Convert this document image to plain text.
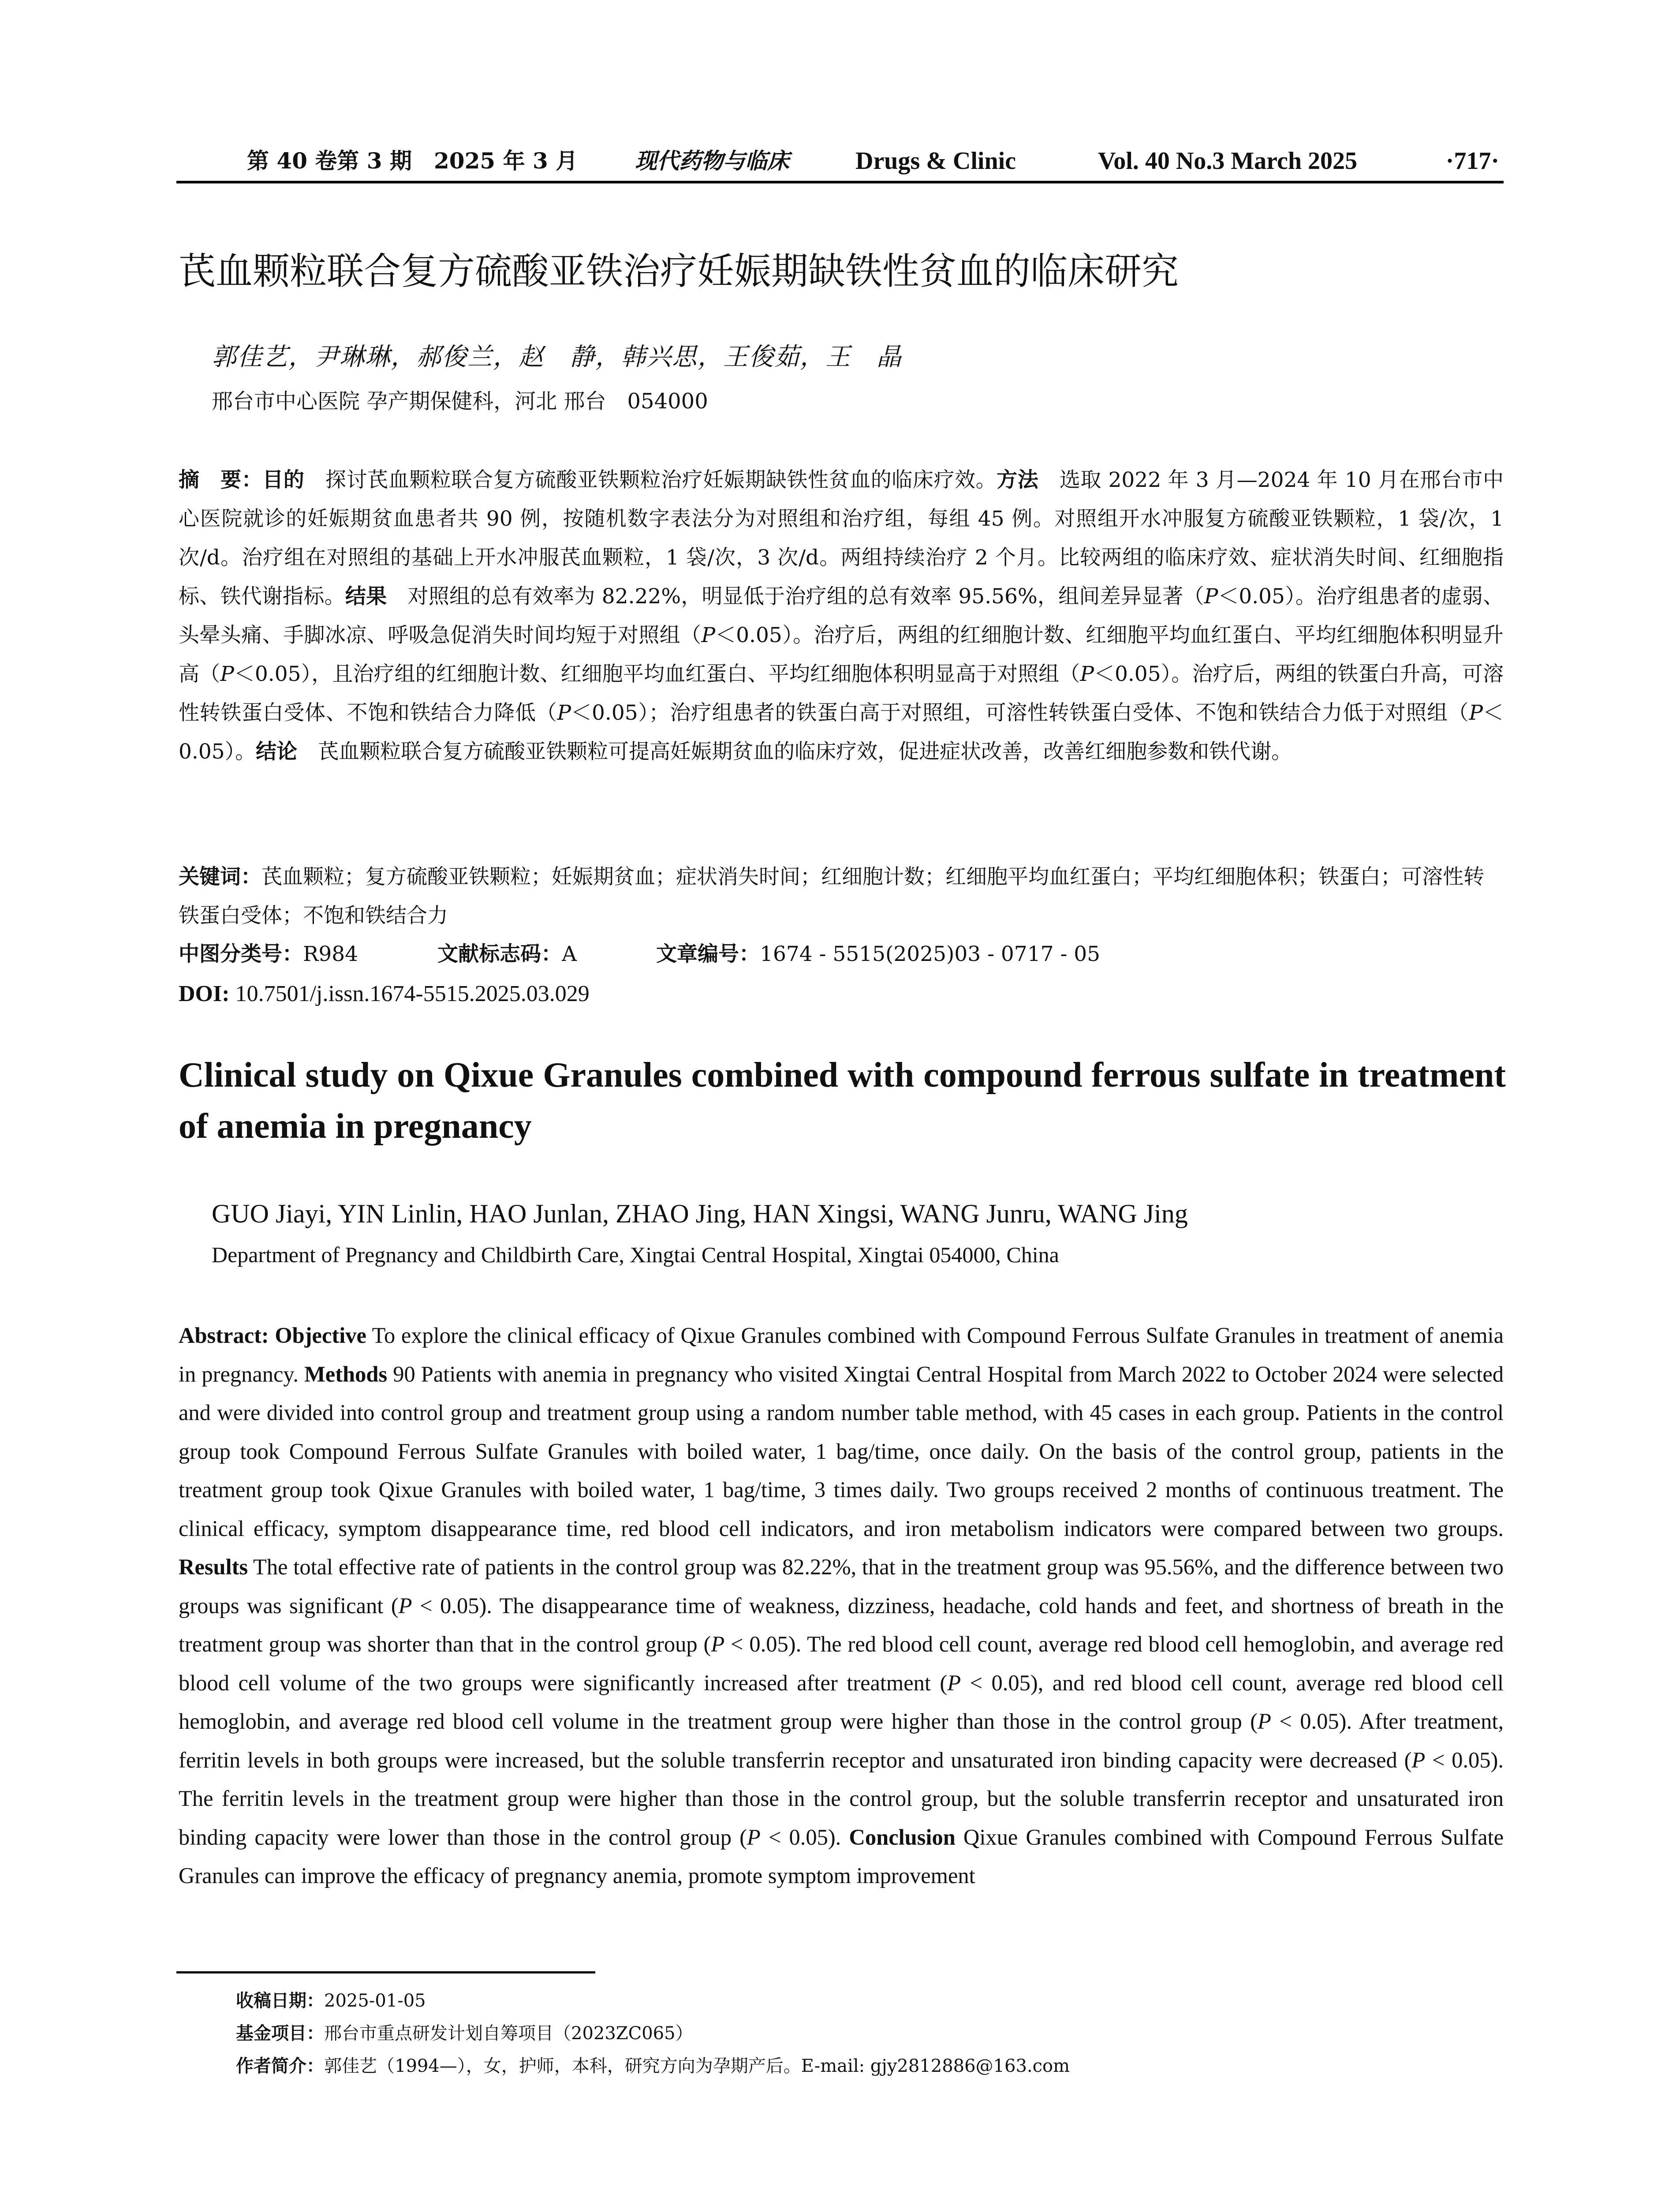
第 40 卷第 3 期　2025 年 3 月	现代药物与临床	Drugs & Clinic	Vol. 40 No.3 March 2025	·717·
芪血颗粒联合复方硫酸亚铁治疗妊娠期缺铁性贫血的临床研究
郭佳艺，尹琳琳，郝俊兰，赵　静，韩兴思，王俊茹，王　晶
邢台市中心医院 孕产期保健科，河北 邢台　054000
摘　要：目的　探讨芪血颗粒联合复方硫酸亚铁颗粒治疗妊娠期缺铁性贫血的临床疗效。方法　选取 2022 年 3 月—2024 年 10 月在邢台市中心医院就诊的妊娠期贫血患者共 90 例，按随机数字表法分为对照组和治疗组，每组 45 例。对照组开水冲服复方硫酸亚铁颗粒，1 袋/次，1 次/d。治疗组在对照组的基础上开水冲服芪血颗粒，1 袋/次，3 次/d。两组持续治疗 2 个月。比较两组的临床疗效、症状消失时间、红细胞指标、铁代谢指标。结果　对照组的总有效率为 82.22%，明显低于治疗组的总有效率 95.56%，组间差异显著（P＜0.05）。治疗组患者的虚弱、头晕头痛、手脚冰凉、呼吸急促消失时间均短于对照组（P＜0.05）。治疗后，两组的红细胞计数、红细胞平均血红蛋白、平均红细胞体积明显升高（P＜0.05），且治疗组的红细胞计数、红细胞平均血红蛋白、平均红细胞体积明显高于对照组（P＜0.05）。治疗后，两组的铁蛋白升高，可溶性转铁蛋白受体、不饱和铁结合力降低（P＜0.05）；治疗组患者的铁蛋白高于对照组，可溶性转铁蛋白受体、不饱和铁结合力低于对照组（P＜0.05）。结论　芪血颗粒联合复方硫酸亚铁颗粒可提高妊娠期贫血的临床疗效，促进症状改善，改善红细胞参数和铁代谢。
关键词：芪血颗粒；复方硫酸亚铁颗粒；妊娠期贫血；症状消失时间；红细胞计数；红细胞平均血红蛋白；平均红细胞体积；铁蛋白；可溶性转铁蛋白受体；不饱和铁结合力
中图分类号：R984	文献标志码：A	文章编号：1674 - 5515(2025)03 - 0717 - 05
DOI: 10.7501/j.issn.1674-5515.2025.03.029
Clinical study on Qixue Granules combined with compound ferrous sulfate in treatment of anemia in pregnancy
GUO Jiayi, YIN Linlin, HAO Junlan, ZHAO Jing, HAN Xingsi, WANG Junru, WANG Jing
Department of Pregnancy and Childbirth Care, Xingtai Central Hospital, Xingtai 054000, China
Abstract: Objective To explore the clinical efficacy of Qixue Granules combined with Compound Ferrous Sulfate Granules in treatment of anemia in pregnancy. Methods 90 Patients with anemia in pregnancy who visited Xingtai Central Hospital from March 2022 to October 2024 were selected and were divided into control group and treatment group using a random number table method, with 45 cases in each group. Patients in the control group took Compound Ferrous Sulfate Granules with boiled water, 1 bag/time, once daily. On the basis of the control group, patients in the treatment group took Qixue Granules with boiled water, 1 bag/time, 3 times daily. Two groups received 2 months of continuous treatment. The clinical efficacy, symptom disappearance time, red blood cell indicators, and iron metabolism indicators were compared between two groups. Results The total effective rate of patients in the control group was 82.22%, that in the treatment group was 95.56%, and the difference between two groups was significant (P < 0.05). The disappearance time of weakness, dizziness, headache, cold hands and feet, and shortness of breath in the treatment group was shorter than that in the control group (P < 0.05). The red blood cell count, average red blood cell hemoglobin, and average red blood cell volume of the two groups were significantly increased after treatment (P < 0.05), and red blood cell count, average red blood cell hemoglobin, and average red blood cell volume in the treatment group were higher than those in the control group (P < 0.05). After treatment, ferritin levels in both groups were increased, but the soluble transferrin receptor and unsaturated iron binding capacity were decreased (P < 0.05). The ferritin levels in the treatment group were higher than those in the control group, but the soluble transferrin receptor and unsaturated iron binding capacity were lower than those in the control group (P < 0.05). Conclusion Qixue Granules combined with Compound Ferrous Sulfate Granules can improve the efficacy of pregnancy anemia, promote symptom improvement
收稿日期：2025-01-05
基金项目：邢台市重点研发计划自筹项目（2023ZC065）
作者简介：郭佳艺（1994—），女，护师，本科，研究方向为孕期产后。E-mail: gjy2812886@163.com
